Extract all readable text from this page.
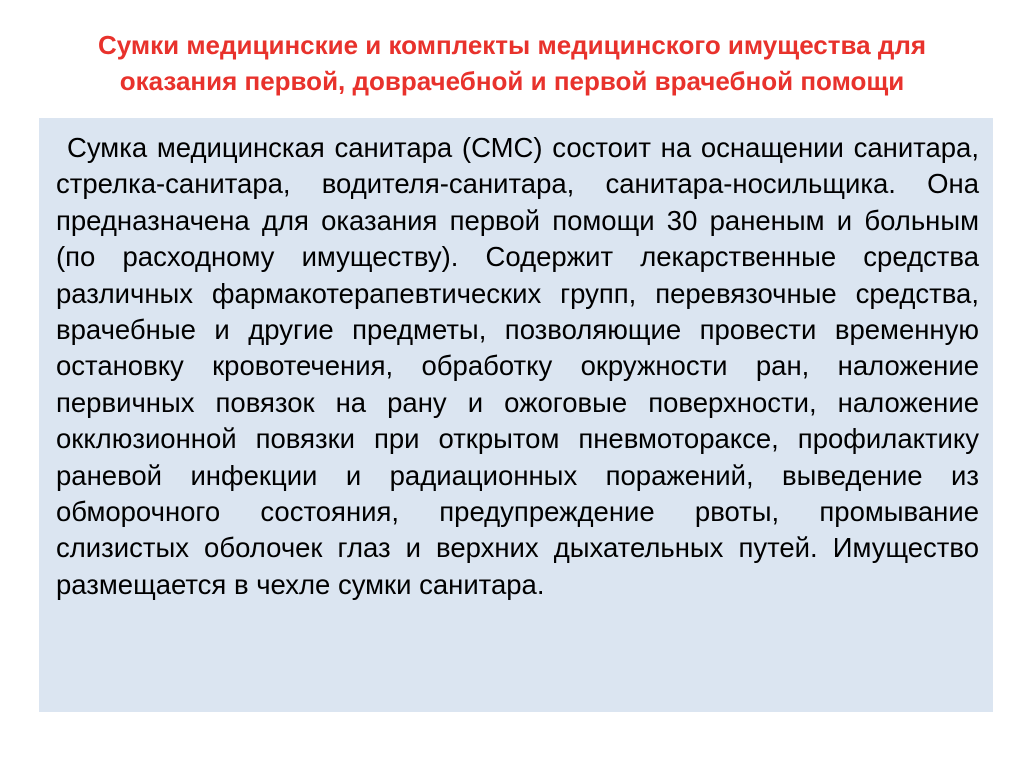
Сумки медицинские и комплекты медицинского имущества для
оказания первой, доврачебной и первой врачебной помощи

Сумка медицинская санитара (СМС) состоит на оснащении санитара, стрелка-санитара, водителя-санитара, санитара-носильщика. Она предназначена для оказания первой помощи 30 раненым и больным (по расходному имуществу). Содержит лекарственные средства различных фармакотерапевтических групп, перевязочные средства, врачебные и другие предметы, позволяющие провести временную остановку кровотечения, обработку окружности ран, наложение первичных повязок на рану и ожоговые поверхности, наложение окклюзионной повязки при открытом пневмотораксе, профилактику раневой инфекции и радиационных поражений, выведение из обморочного состояния, предупреждение рвоты, промывание слизистых оболочек глаз и верхних дыхательных путей. Имущество размещается в чехле сумки санитара.
